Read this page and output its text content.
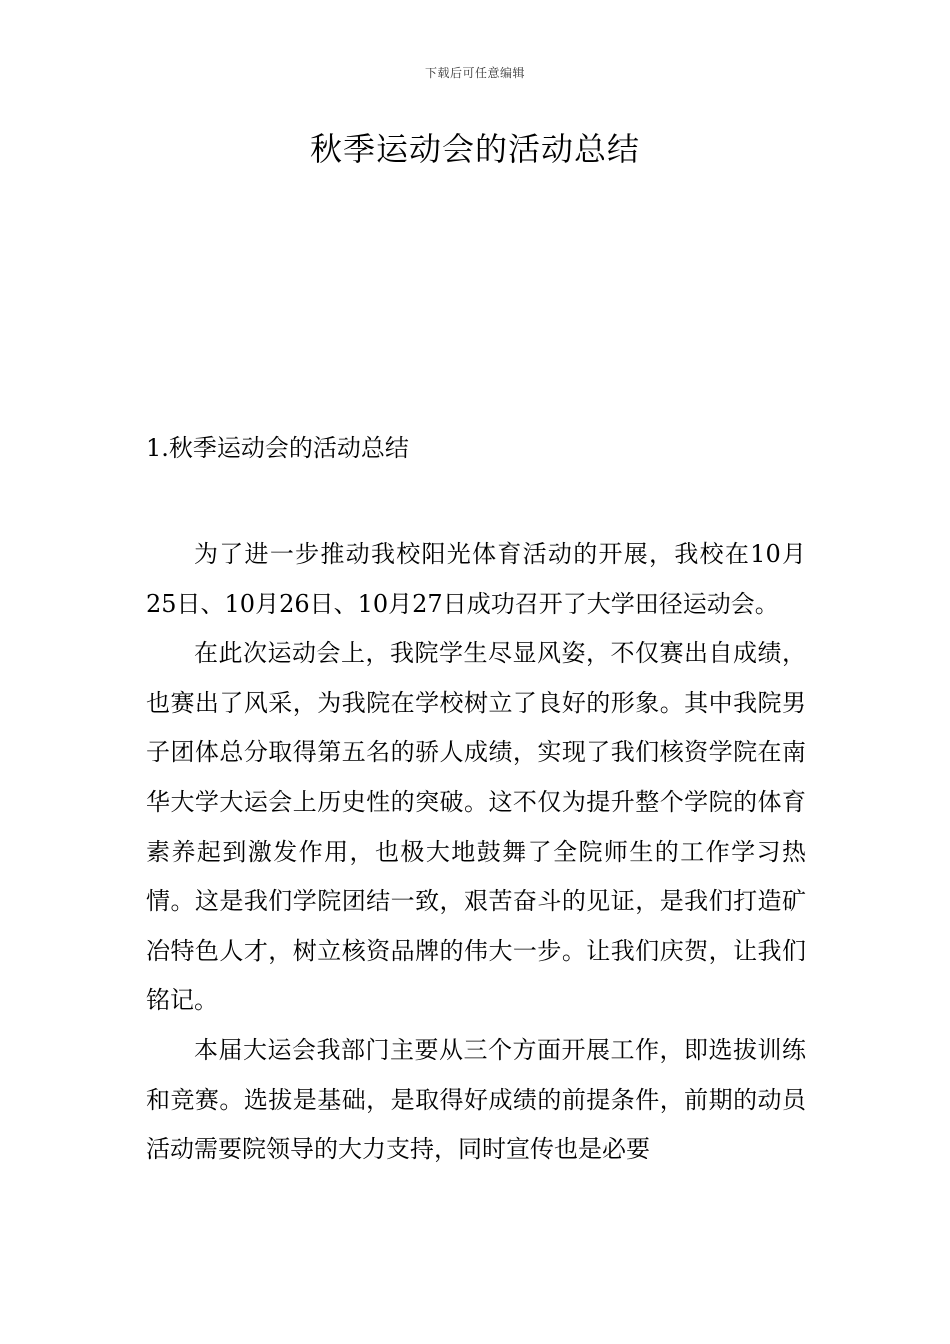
下载后可任意编辑
秋季运动会的活动总结
1.秋季运动会的活动总结

为了进一步推动我校阳光体育活动的开展，我校在10月25日、10月26日、10月27日成功召开了大学田径运动会。

在此次运动会上，我院学生尽显风姿，不仅赛出自成绩，也赛出了风采，为我院在学校树立了良好的形象。其中我院男子团体总分取得第五名的骄人成绩，实现了我们核资学院在南华大学大运会上历史性的突破。这不仅为提升整个学院的体育素养起到激发作用，也极大地鼓舞了全院师生的工作学习热情。这是我们学院团结一致，艰苦奋斗的见证，是我们打造矿冶特色人才，树立核资品牌的伟大一步。让我们庆贺，让我们铭记。

本届大运会我部门主要从三个方面开展工作，即选拔训练和竞赛。选拔是基础，是取得好成绩的前提条件，前期的动员活动需要院领导的大力支持，同时宣传也是必要
